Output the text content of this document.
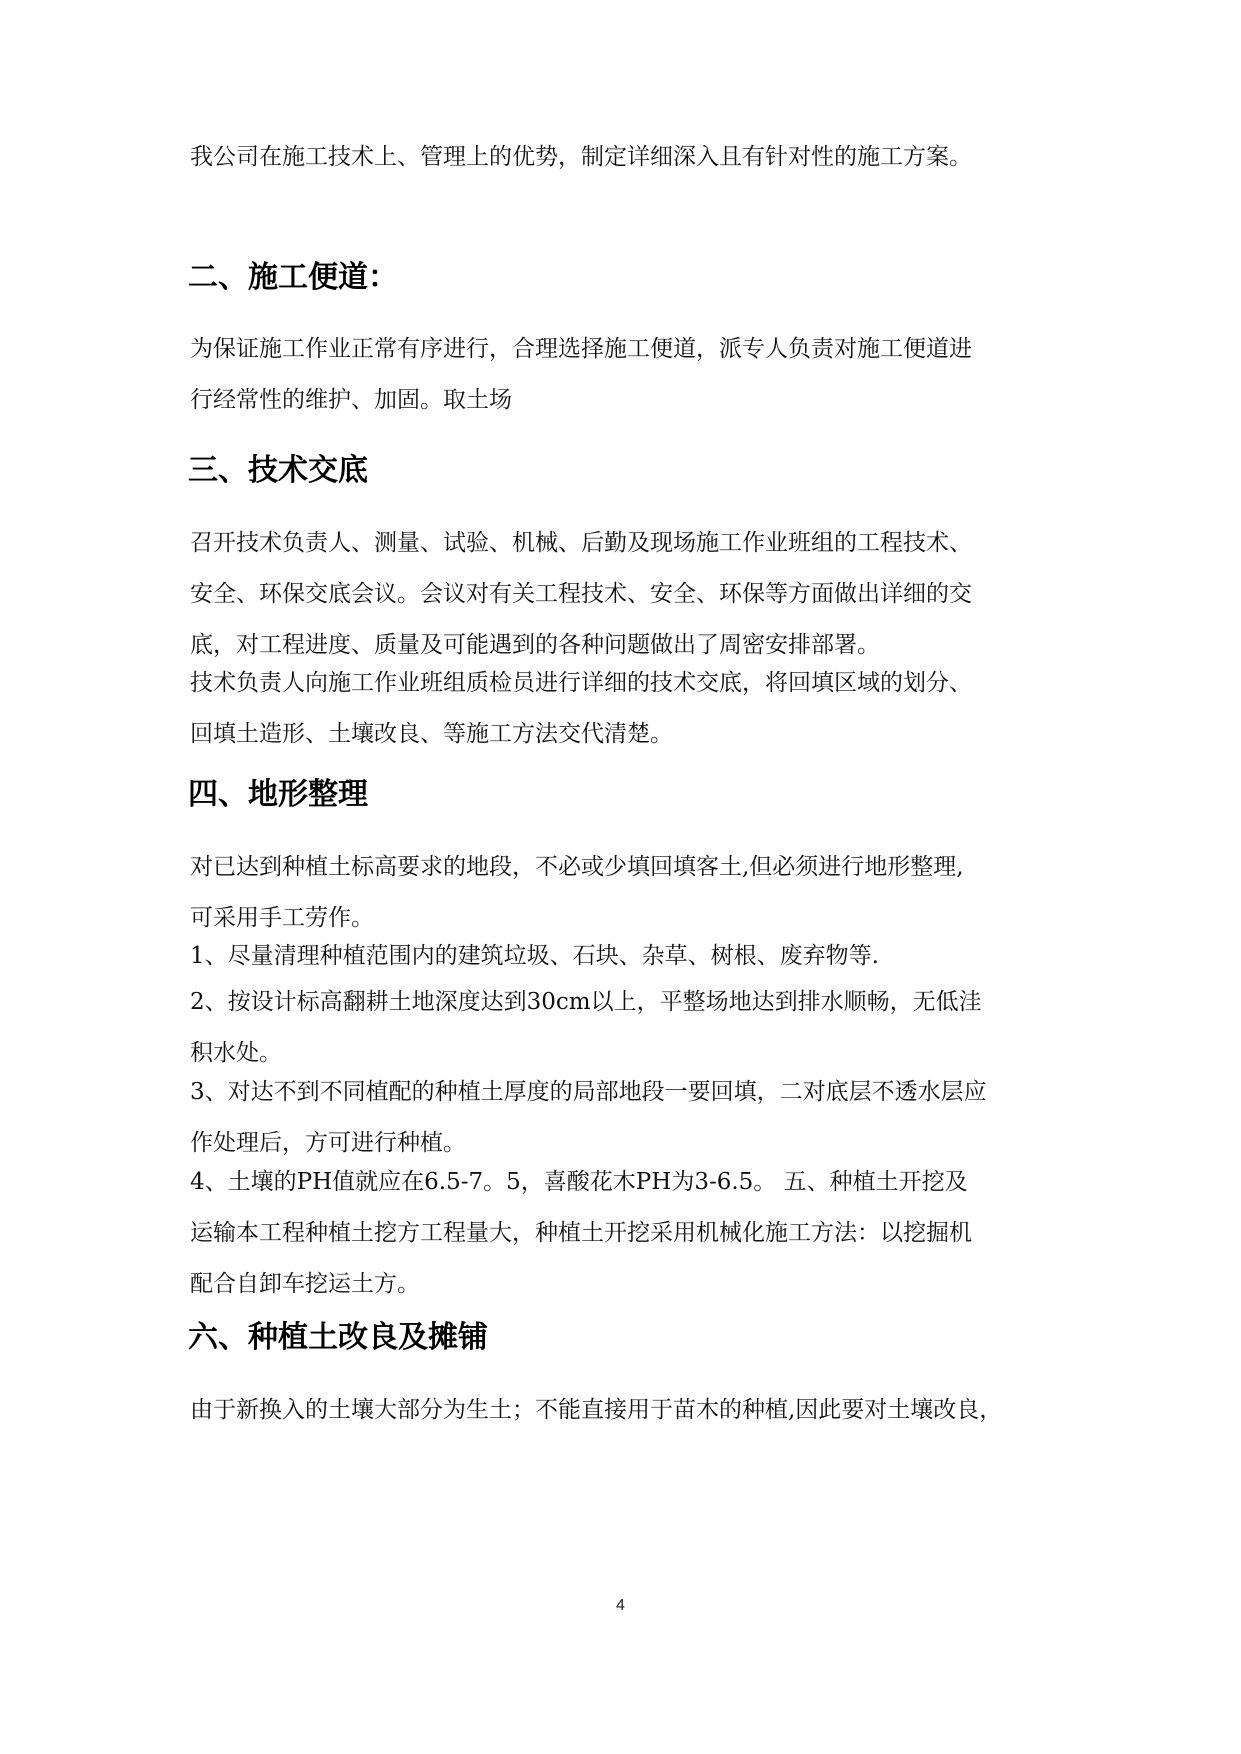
我公司在施工技术上、管理上的优势，制定详细深入且有针对性的施工方案。
二、施工便道：
为保证施工作业正常有序进行，合理选择施工便道，派专人负责对施工便道进
行经常性的维护、加固。取土场
三、技术交底
召开技术负责人、测量、试验、机械、后勤及现场施工作业班组的工程技术、
安全、环保交底会议。会议对有关工程技术、安全、环保等方面做出详细的交
底，对工程进度、质量及可能遇到的各种问题做出了周密安排部署。
技术负责人向施工作业班组质检员进行详细的技术交底，将回填区域的划分、
回填土造形、土壤改良、等施工方法交代清楚。
四、地形整理
对已达到种植土标高要求的地段，不必或少填回填客土,但必须进行地形整理,
可采用手工劳作。
1、尽量清理种植范围内的建筑垃圾、石块、杂草、树根、废弃物等.
2、按设计标高翻耕土地深度达到30cm以上，平整场地达到排水顺畅，无低洼
积水处。
3、对达不到不同植配的种植土厚度的局部地段一要回填，二对底层不透水层应
作处理后，方可进行种植。
4、土壤的PH值就应在6.5-7。5，喜酸花木PH为3-6.5。 五、种植土开挖及
运输本工程种植土挖方工程量大，种植土开挖采用机械化施工方法：以挖掘机
配合自卸车挖运土方。
六、种植土改良及摊铺
由于新换入的土壤大部分为生土；不能直接用于苗木的种植,因此要对土壤改良，
4
